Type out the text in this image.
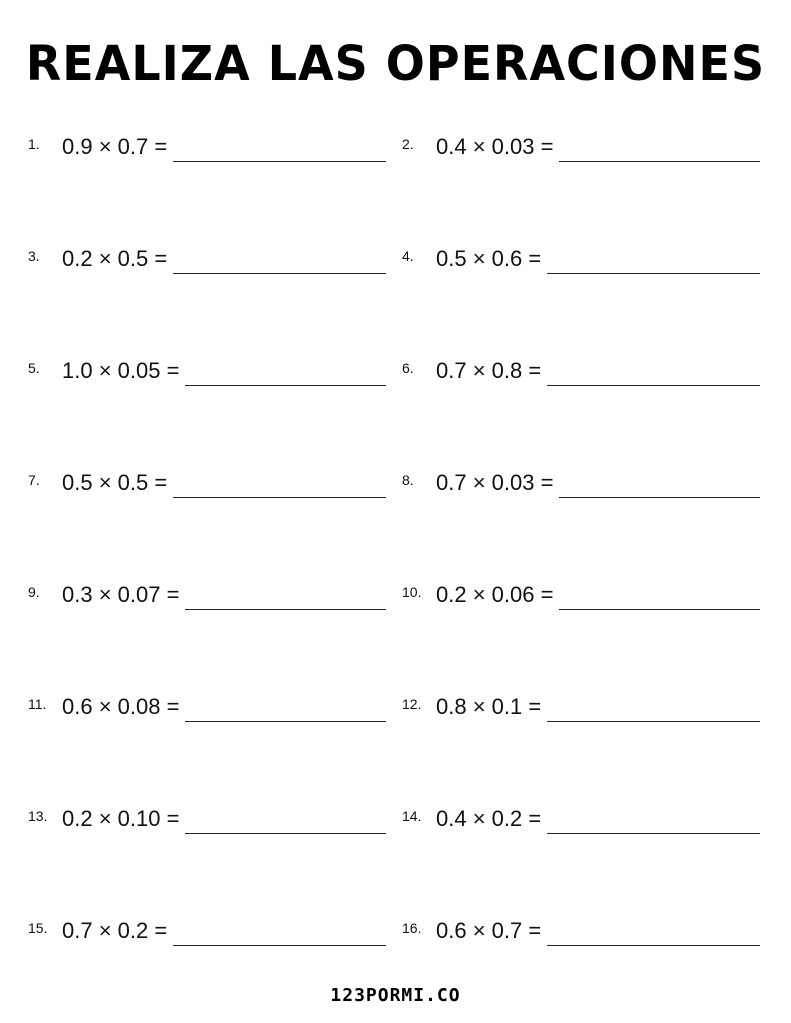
REALIZA LAS OPERACIONES
1.	0.9 × 0.7 =	2.	0.4 × 0.03 =
3.	0.2 × 0.5 =	4.	0.5 × 0.6 =
5.	1.0 × 0.05 =	6.	0.7 × 0.8 =
7.	0.5 × 0.5 =	8.	0.7 × 0.03 =
9.	0.3 × 0.07 =	10. 0.2 × 0.06 =
11. 0.6 × 0.08 =	12. 0.8 × 0.1 =
13. 0.2 × 0.10 =	14. 0.4 × 0.2 =
15. 0.7 × 0.2 =	16. 0.6 × 0.7 =
123PORMI.CO
